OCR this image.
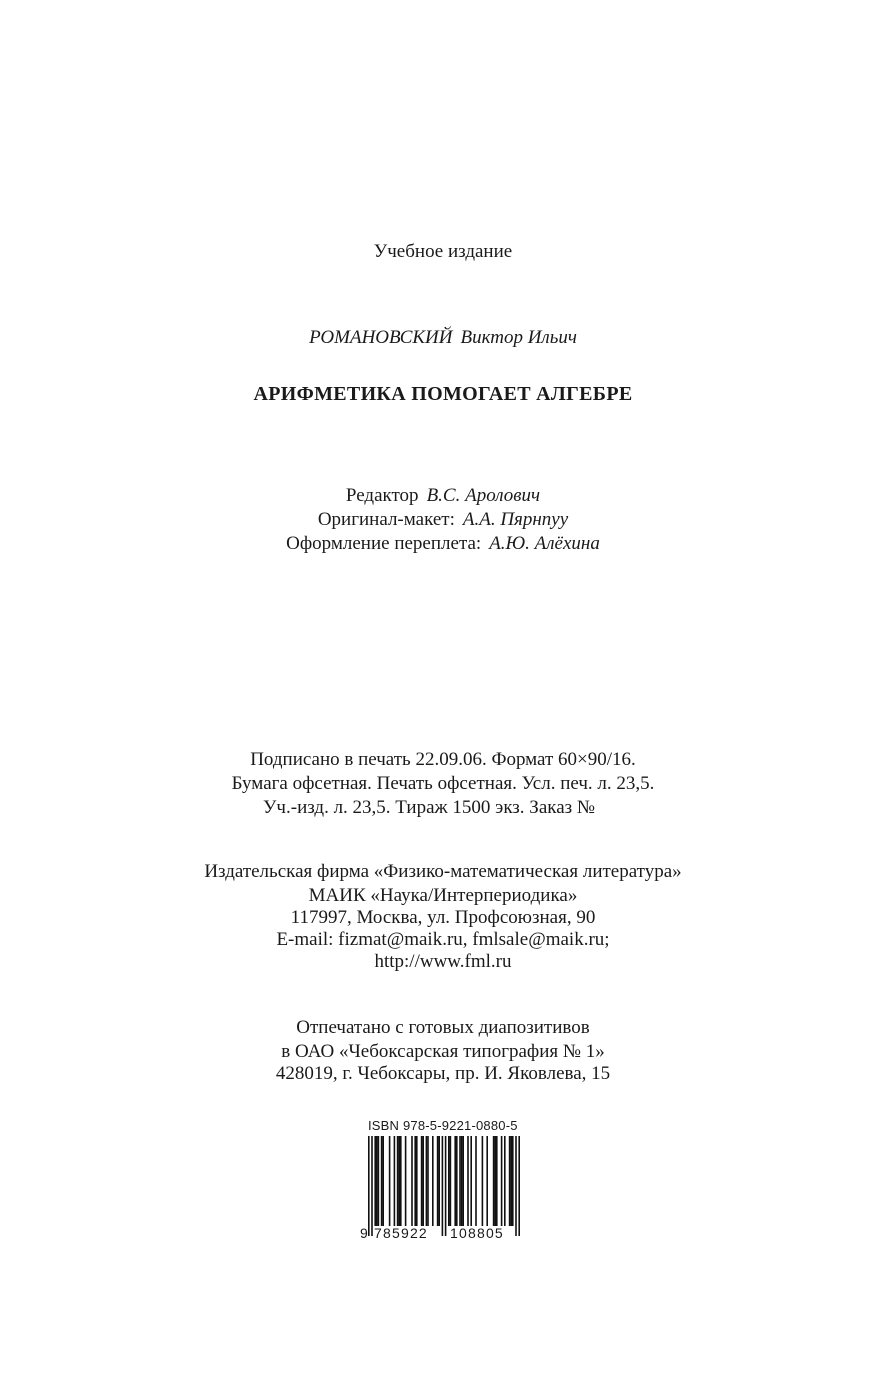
Учебное издание
РОМАНОВСКИЙ Виктор Ильич
АРИФМЕТИКА ПОМОГАЕТ АЛГЕБРЕ
Редактор В.С. Аролович
Оригинал-макет: А.А. Пярнпуу
Оформление переплета: А.Ю. Алёхина
Подписано в печать 22.09.06. Формат 60×90/16.
Бумага офсетная. Печать офсетная. Усл. печ. л. 23,5.
Уч.-изд. л. 23,5. Тираж 1500 экз. Заказ №
Издательская фирма «Физико-математическая литература»
МАИК «Наука/Интерпериодика»
117997, Москва, ул. Профсоюзная, 90
E-mail: fizmat@maik.ru, fmlsale@maik.ru;
http://www.fml.ru
Отпечатано с готовых диапозитивов
в ОАО «Чебоксарская типография № 1»
428019, г. Чебоксары, пр. И. Яковлева, 15
ISBN 978-5-9221-0880-5
9 785922 108805
